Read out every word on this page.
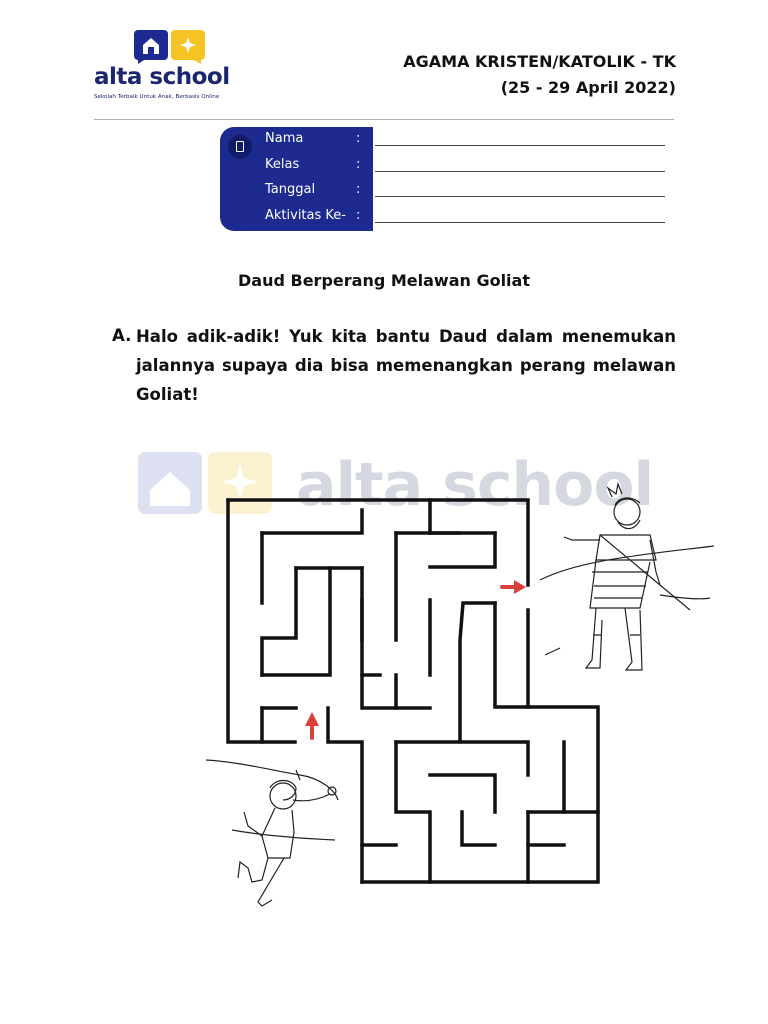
alta school
Sekolah Terbaik Untuk Anak, Berbasis Online
AGAMA KRISTEN/KATOLIK - TK
(25 - 29 April 2022)
Nama	:
Kelas	:
Tanggal	:
Aktivitas Ke- :
Daud Berperang Melawan Goliat
A. Halo adik-adik! Yuk kita bantu Daud dalam menemukan jalannya supaya dia bisa memenangkan perang melawan Goliat!
alta school
